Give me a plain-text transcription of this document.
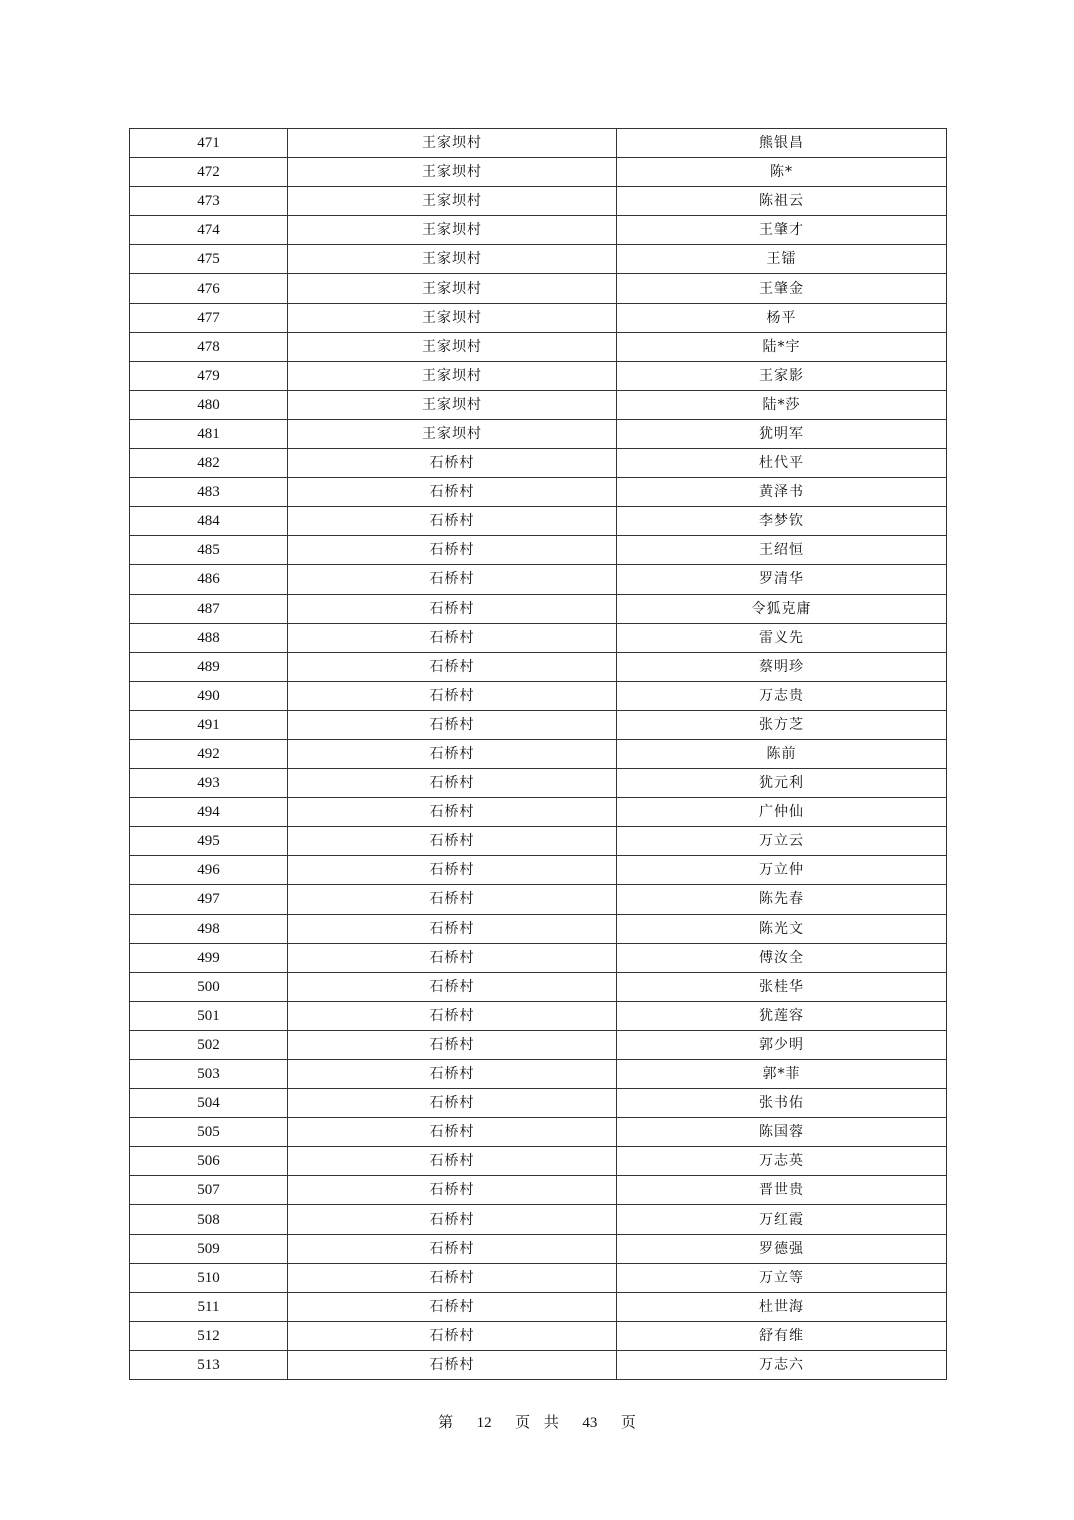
471	王家坝村	熊银昌
472	王家坝村	陈*
473	王家坝村	陈祖云
474	王家坝村	王肇才
475	王家坝村	王镭
476	王家坝村	王肇金
477	王家坝村	杨平
478	王家坝村	陆*宇
479	王家坝村	王家影
480	王家坝村	陆*莎
481	王家坝村	犹明军
482	石桥村	杜代平
483	石桥村	黄泽书
484	石桥村	李梦钦
485	石桥村	王绍恒
486	石桥村	罗清华
487	石桥村	令狐克庸
488	石桥村	雷义先
489	石桥村	蔡明珍
490	石桥村	万志贵
491	石桥村	张方芝
492	石桥村	陈前
493	石桥村	犹元利
494	石桥村	广仲仙
495	石桥村	万立云
496	石桥村	万立仲
497	石桥村	陈先春
498	石桥村	陈光文
499	石桥村	傅汝全
500	石桥村	张桂华
501	石桥村	犹莲容
502	石桥村	郭少明
503	石桥村	郭*菲
504	石桥村	张书佑
505	石桥村	陈国蓉
506	石桥村	万志英
507	石桥村	晋世贵
508	石桥村	万红霞
509	石桥村	罗德强
510	石桥村	万立等
511	石桥村	杜世海
512	石桥村	舒有维
513	石桥村	万志六
第 12 页 共 43 页
